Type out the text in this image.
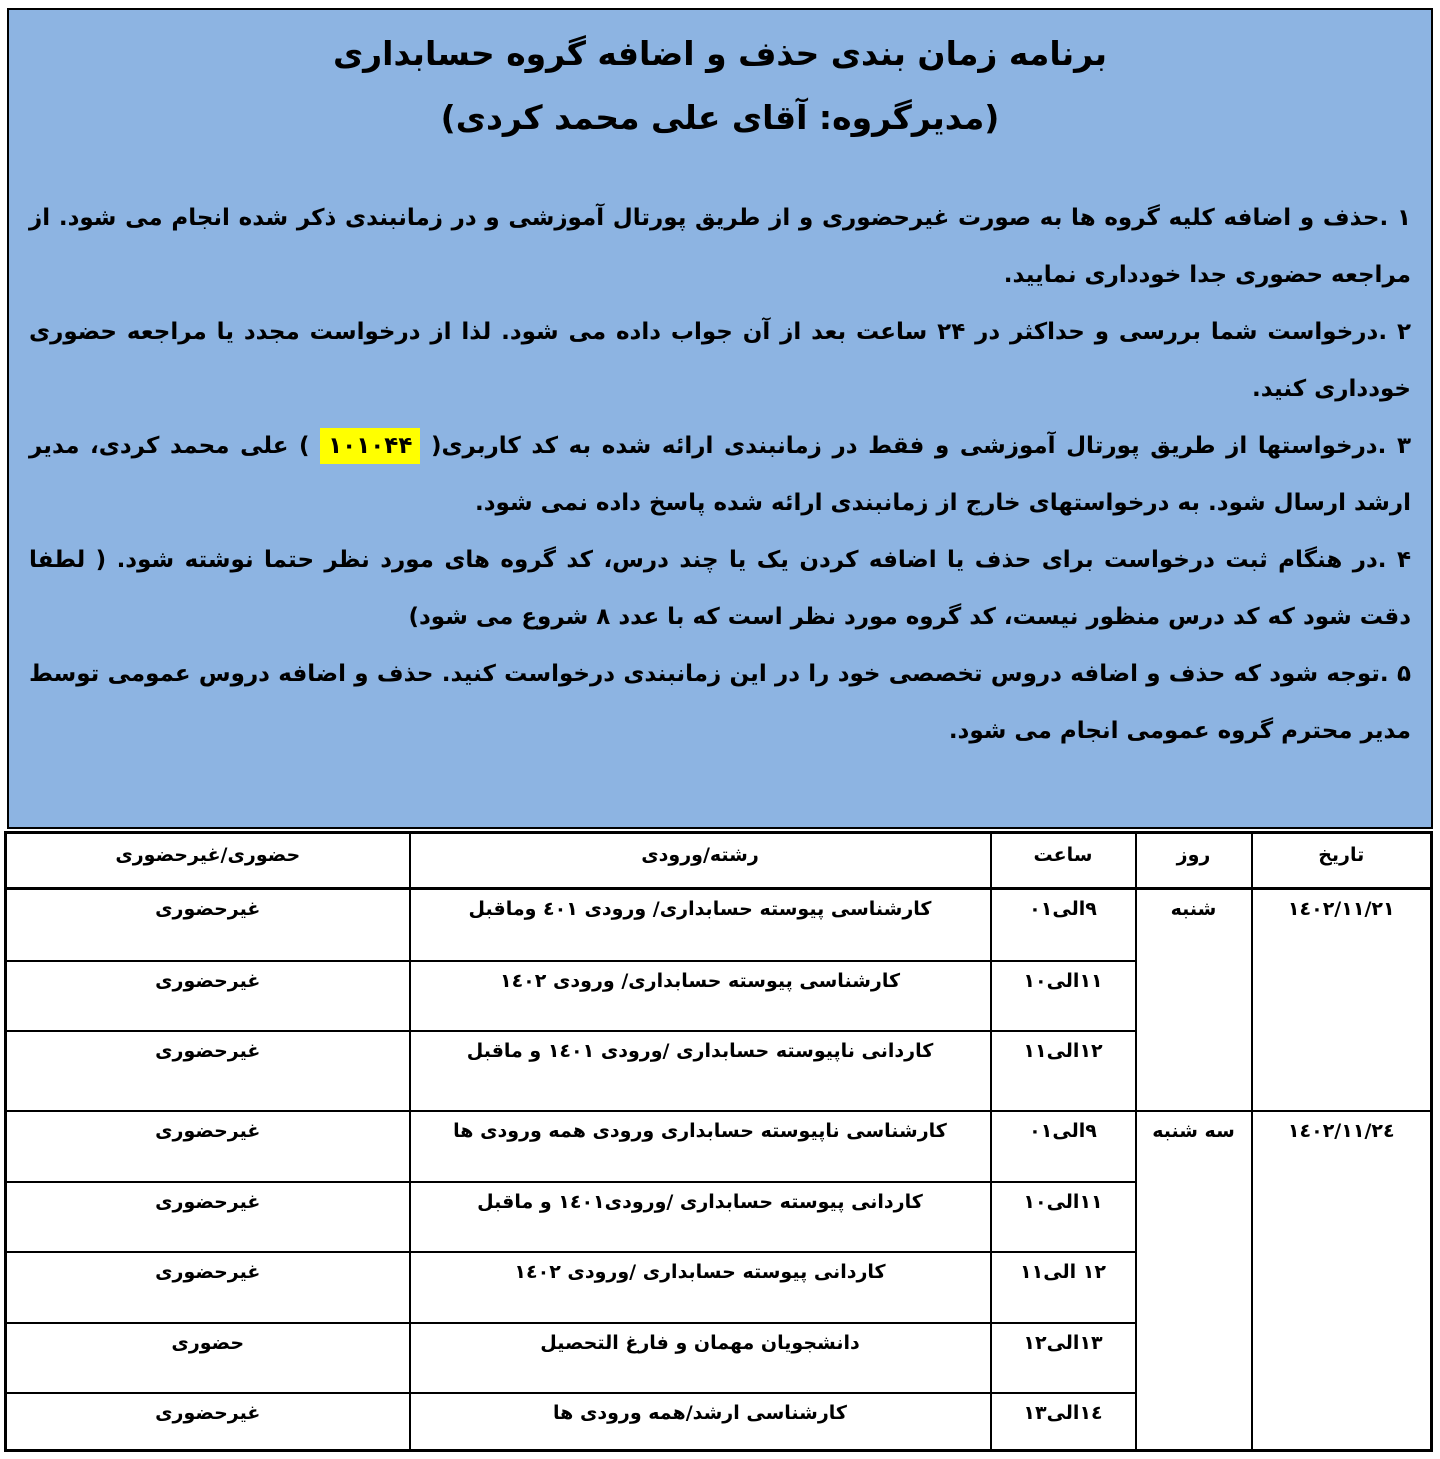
برنامه زمان بندی حذف و اضافه گروه حسابداری
(مدیرگروه: آقای علی محمد کردی)

۱ .حذف و اضافه کلیه گروه ها به صورت غیرحضوری و از طریق پورتال آموزشی و در زمانبندی ذکر شده انجام می شود. از مراجعه حضوری جدا خودداری نمایید.

۲ .درخواست شما بررسی و حداکثر در ۲۴ ساعت بعد از آن جواب داده می شود. لذا از درخواست مجدد یا مراجعه حضوری خودداری کنید.

۳ .درخواستها از طریق پورتال آموزشی و فقط در زمانبندی ارائه شده به کد کاربری( ۱۰۱۰۴۴ ) علی محمد کردی، مدیر ارشد ارسال شود. به درخواستهای خارج از زمانبندی ارائه شده پاسخ داده نمی شود.

۴ .در هنگام ثبت درخواست برای حذف یا اضافه کردن یک یا چند درس، کد گروه های مورد نظر حتما نوشته شود. ( لطفا دقت شود که کد درس منظور نیست، کد گروه مورد نظر است که با عدد ۸ شروع می شود)

۵ .توجه شود که حذف و اضافه دروس تخصصی خود را در این زمانبندی درخواست کنید. حذف و اضافه دروس عمومی توسط مدیر محترم گروه عمومی انجام می شود.

تاریخ	روز	ساعت	رشته/ورودی	حضوری/غیرحضوری
١٤٠٢/١١/٢١	شنبه	٩الی٠١	کارشناسی پیوسته حسابداری/ ورودی ٤٠١ وماقبل	غیرحضوری
		١١الی١٠	کارشناسی پیوسته حسابداری/ ورودی ١٤٠٢	غیرحضوری
		١٢الی١١	کاردانی ناپیوسته حسابداری /ورودی ١٤٠١ و ماقبل	غیرحضوری
١٤٠٢/١١/٢٤	سه شنبه	٩الی٠١	کارشناسی ناپیوسته حسابداری ورودی همه ورودی ها	غیرحضوری
		١١الی١٠	کاردانی پیوسته حسابداری /ورودی١٤٠١ و ماقبل	غیرحضوری
		١٢ الی١١	کاردانی پیوسته حسابداری /ورودی ١٤٠٢	غیرحضوری
		١٣الی١٢	دانشجویان مهمان و فارغ التحصیل	حضوری
		١٤الی١٣	کارشناسی ارشد/همه ورودی ها	غیرحضوری
